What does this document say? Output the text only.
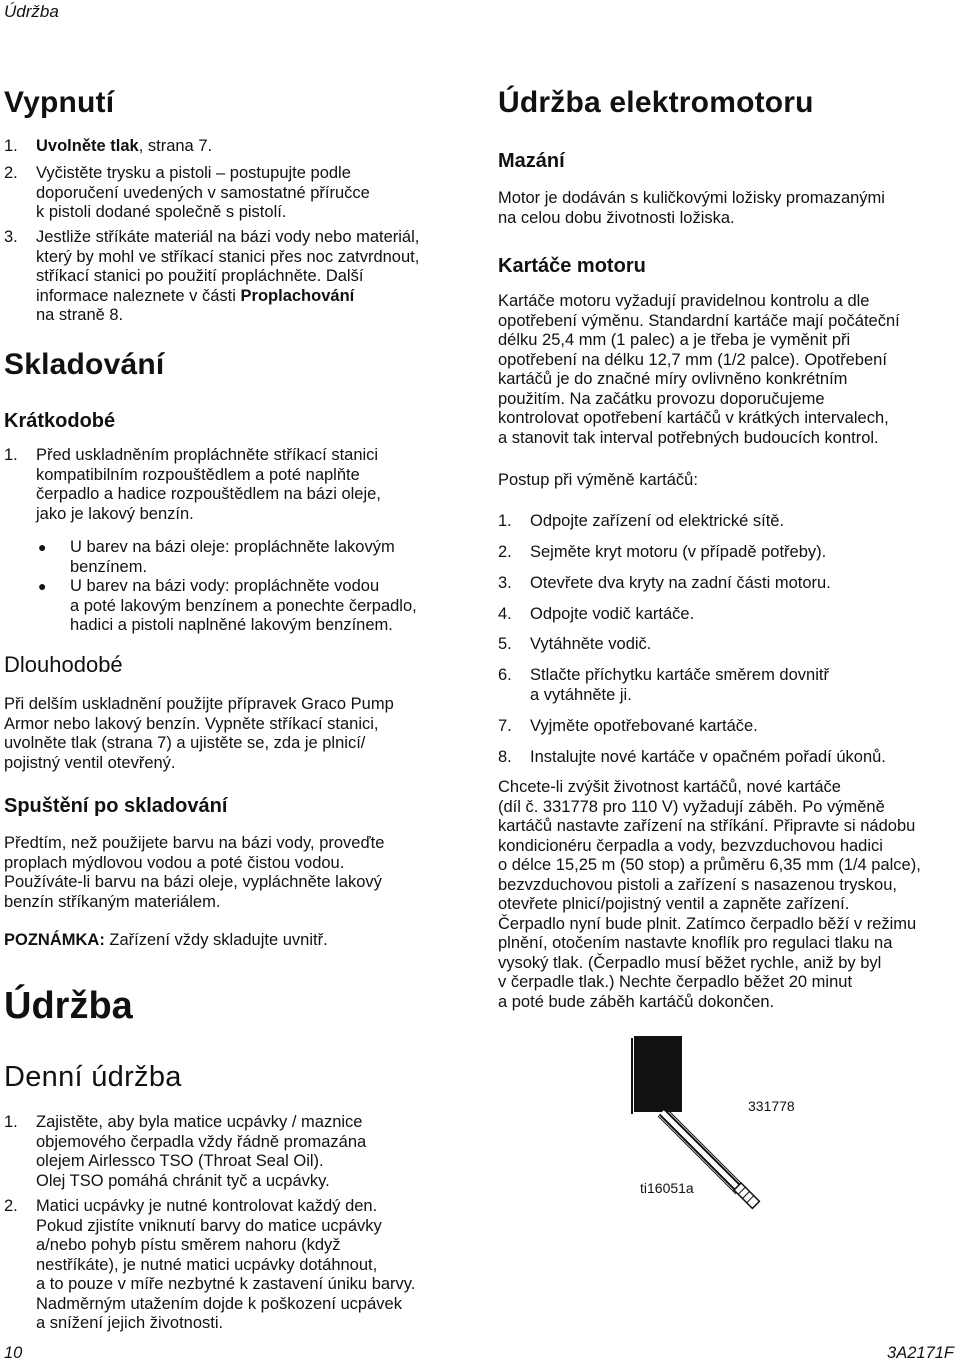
Údržba
Vypnutí
1. Uvolněte tlak, strana 7.
2. Vyčistěte trysku a pistoli – postupujte podle
doporučení uvedených v samostatné příručce
k pistoli dodané společně s pistolí.
3. Jestliže stříkáte materiál na bázi vody nebo materiál,
který by mohl ve stříkací stanici přes noc zatvrdnout,
stříkací stanici po použití propláchněte. Další
informace naleznete v části Proplachování
na straně 8.
Skladování
Krátkodobé
1. Před uskladněním propláchněte stříkací stanici
kompatibilním rozpouštědlem a poté naplňte
čerpadlo a hadice rozpouštědlem na bázi oleje,
jako je lakový benzín.
● U barev na bázi oleje: propláchněte lakovým
benzínem.
● U barev na bázi vody: propláchněte vodou
a poté lakovým benzínem a ponechte čerpadlo,
hadici a pistoli naplněné lakovým benzínem.
Dlouhodobé
Při delším uskladnění použijte přípravek Graco Pump
Armor nebo lakový benzín. Vypněte stříkací stanici,
uvolněte tlak (strana 7) a ujistěte se, zda je plnicí/
pojistný ventil otevřený.
Spuštění po skladování
Předtím, než použijete barvu na bázi vody, proveďte
proplach mýdlovou vodou a poté čistou vodou.
Používáte-li barvu na bázi oleje, vypláchněte lakový
benzín stříkaným materiálem.
POZNÁMKA: Zařízení vždy skladujte uvnitř.
Údržba
Denní údržba
1. Zajistěte, aby byla matice ucpávky / maznice
objemového čerpadla vždy řádně promazána
olejem Airlessco TSO (Throat Seal Oil).
Olej TSO pomáhá chránit tyč a ucpávky.
2. Matici ucpávky je nutné kontrolovat každý den.
Pokud zjistíte vniknutí barvy do matice ucpávky
a/nebo pohyb pístu směrem nahoru (když
nestříkáte), je nutné matici ucpávky dotáhnout,
a to pouze v míře nezbytné k zastavení úniku barvy.
Nadměrným utažením dojde k poškození ucpávek
a snížení jejich životnosti.
Údržba elektromotoru
Mazání
Motor je dodáván s kuličkovými ložisky promazanými
na celou dobu životnosti ložiska.
Kartáče motoru
Kartáče motoru vyžadují pravidelnou kontrolu a dle
opotřebení výměnu. Standardní kartáče mají počáteční
délku 25,4 mm (1 palec) a je třeba je vyměnit při
opotřebení na délku 12,7 mm (1/2 palce). Opotřebení
kartáčů je do značné míry ovlivněno konkrétním
použitím. Na začátku provozu doporučujeme
kontrolovat opotřebení kartáčů v krátkých intervalech,
a stanovit tak interval potřebných budoucích kontrol.
Postup při výměně kartáčů:
1. Odpojte zařízení od elektrické sítě.
2. Sejměte kryt motoru (v případě potřeby).
3. Otevřete dva kryty na zadní části motoru.
4. Odpojte vodič kartáče.
5. Vytáhněte vodič.
6. Stlačte příchytku kartáče směrem dovnitř
a vytáhněte ji.
7. Vyjměte opotřebované kartáče.
8. Instalujte nové kartáče v opačném pořadí úkonů.
Chcete-li zvýšit životnost kartáčů, nové kartáče
(díl č. 331778 pro 110 V) vyžadují záběh. Po výměně
kartáčů nastavte zařízení na stříkání. Připravte si nádobu
kondicionéru čerpadla a vody, bezvzduchovou hadici
o délce 15,25 m (50 stop) a průměru 6,35 mm (1/4 palce),
bezvzduchovou pistoli a zařízení s nasazenou tryskou,
otevřete plnicí/pojistný ventil a zapněte zařízení.
Čerpadlo nyní bude plnit. Zatímco čerpadlo běží v režimu
plnění, otočením nastavte knoflík pro regulaci tlaku na
vysoký tlak. (Čerpadlo musí běžet rychle, aniž by byl
v čerpadle tlak.) Nechte čerpadlo běžet 20 minut
a poté bude záběh kartáčů dokončen.
331778
ti16051a
10	3A2171F
